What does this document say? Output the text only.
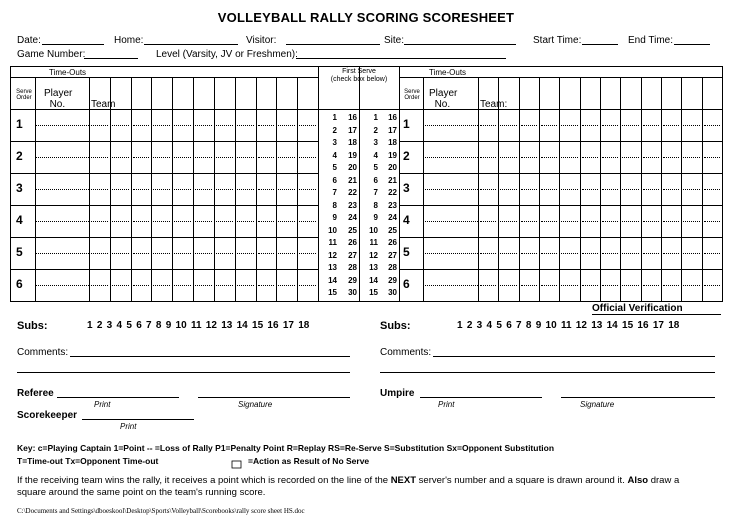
VOLLEYBALL RALLY SCORING SCORESHEET
Date:	Home:	Visitor:	Site:	Start Time:	End Time:
Game Number:	Level (Varsity, JV or Freshmen):
Time-Outs	Time-Outs
First Serve
(check box below)
Serve
Order	Player
No.	Team
Serve
Order Player
No.	Team:
1	1
2	2
3	3
4	4
5	5
6	6
1	16	1	16
2	17	2	17
3	18	3	18
4	19	4	19
5	20	5	20
6	21	6	21
7	22	7	22
8	23	8	23
9	24	9	24
10	25	10	25
11	26	11	26
12	27	12	27
13	28	13	28
14	29	14	29
15	30	15	30
Official Verification
Subs:	1 2 3 4 5 6 7 8 9 10 11 12 13 14 15 16 17 18	Subs:	1 2 3 4 5 6 7 8 9 10 11 12 13 14 15 16 17 18
Comments:	Comments:
Referee
Print	Signature
Umpire
Print	Signature
Scorekeeper
Print
Key: c=Playing Captain 1=Point -- =Loss of Rally P1=Penalty Point R=Replay RS=Re-Serve S=Substitution Sx=Opponent Substitution
T=Time-out Tx=Opponent Time-out	=Action as Result of No Serve
If the receiving team wins the rally, it receives a point which is recorded on the line of the NEXT server's number and a square is drawn around it. Also draw a
square around the same point on the team's running score.
C:\Documents and Settings\dboeskool\Desktop\Sports\Volleyball\Scorebooks\rally score sheet HS.doc
